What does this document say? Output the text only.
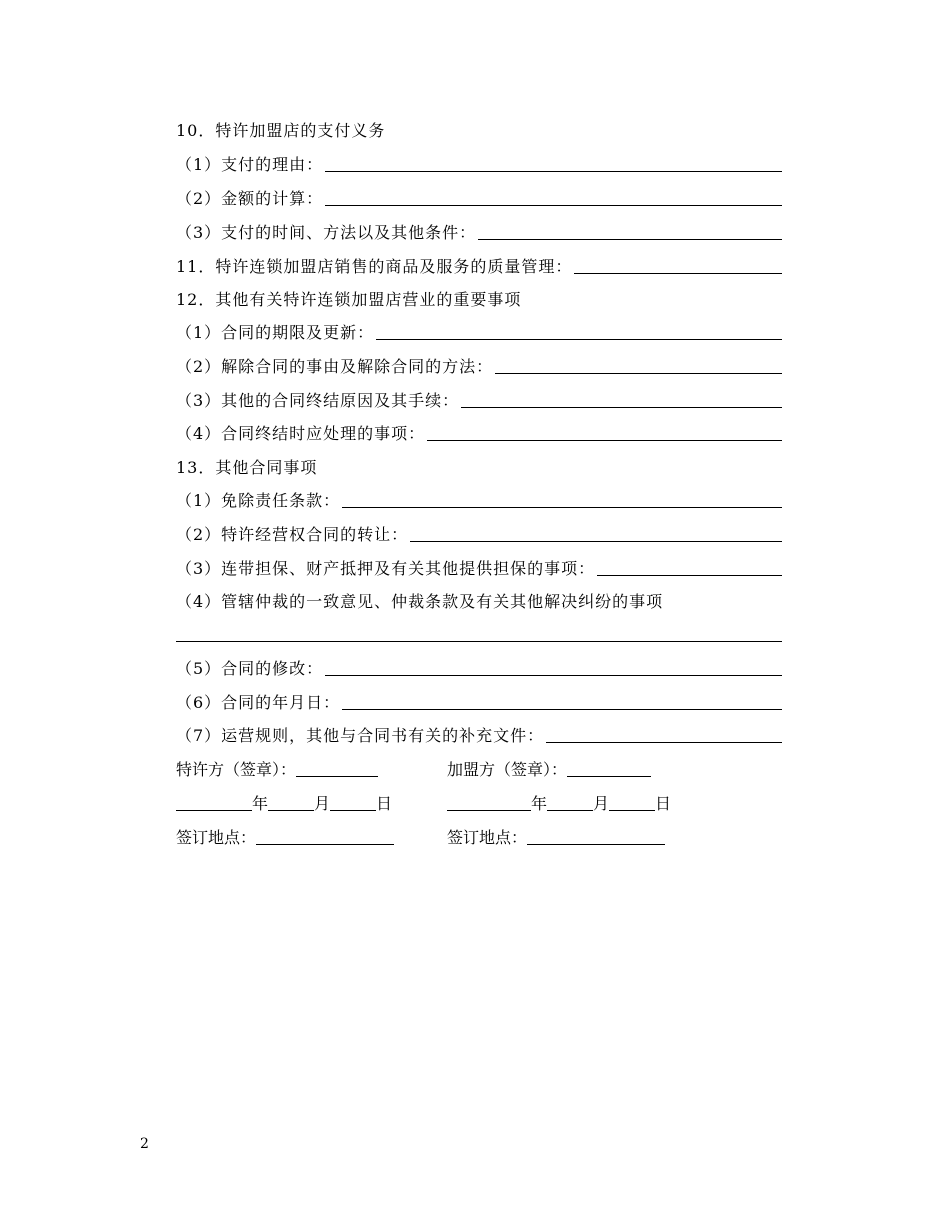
10．特许加盟店的支付义务
（1）支付的理由：
（2）金额的计算：
（3）支付的时间、方法以及其他条件：
11．特许连锁加盟店销售的商品及服务的质量管理：
12．其他有关特许连锁加盟店营业的重要事项
（1）合同的期限及更新：
（2）解除合同的事由及解除合同的方法：
（3）其他的合同终结原因及其手续：
（4）合同终结时应处理的事项：
13．其他合同事项
（1）免除责任条款：
（2）特许经营权合同的转让：
（3）连带担保、财产抵押及有关其他提供担保的事项：
（4）管辖仲裁的一致意见、仲裁条款及有关其他解决纠纷的事项
（5）合同的修改：
（6）合同的年月日：
（7）运营规则，其他与合同书有关的补充文件：
特许方（签章）：	加盟方（签章）：
年	月	日	年	月	日
签订地点：	签订地点：
2
